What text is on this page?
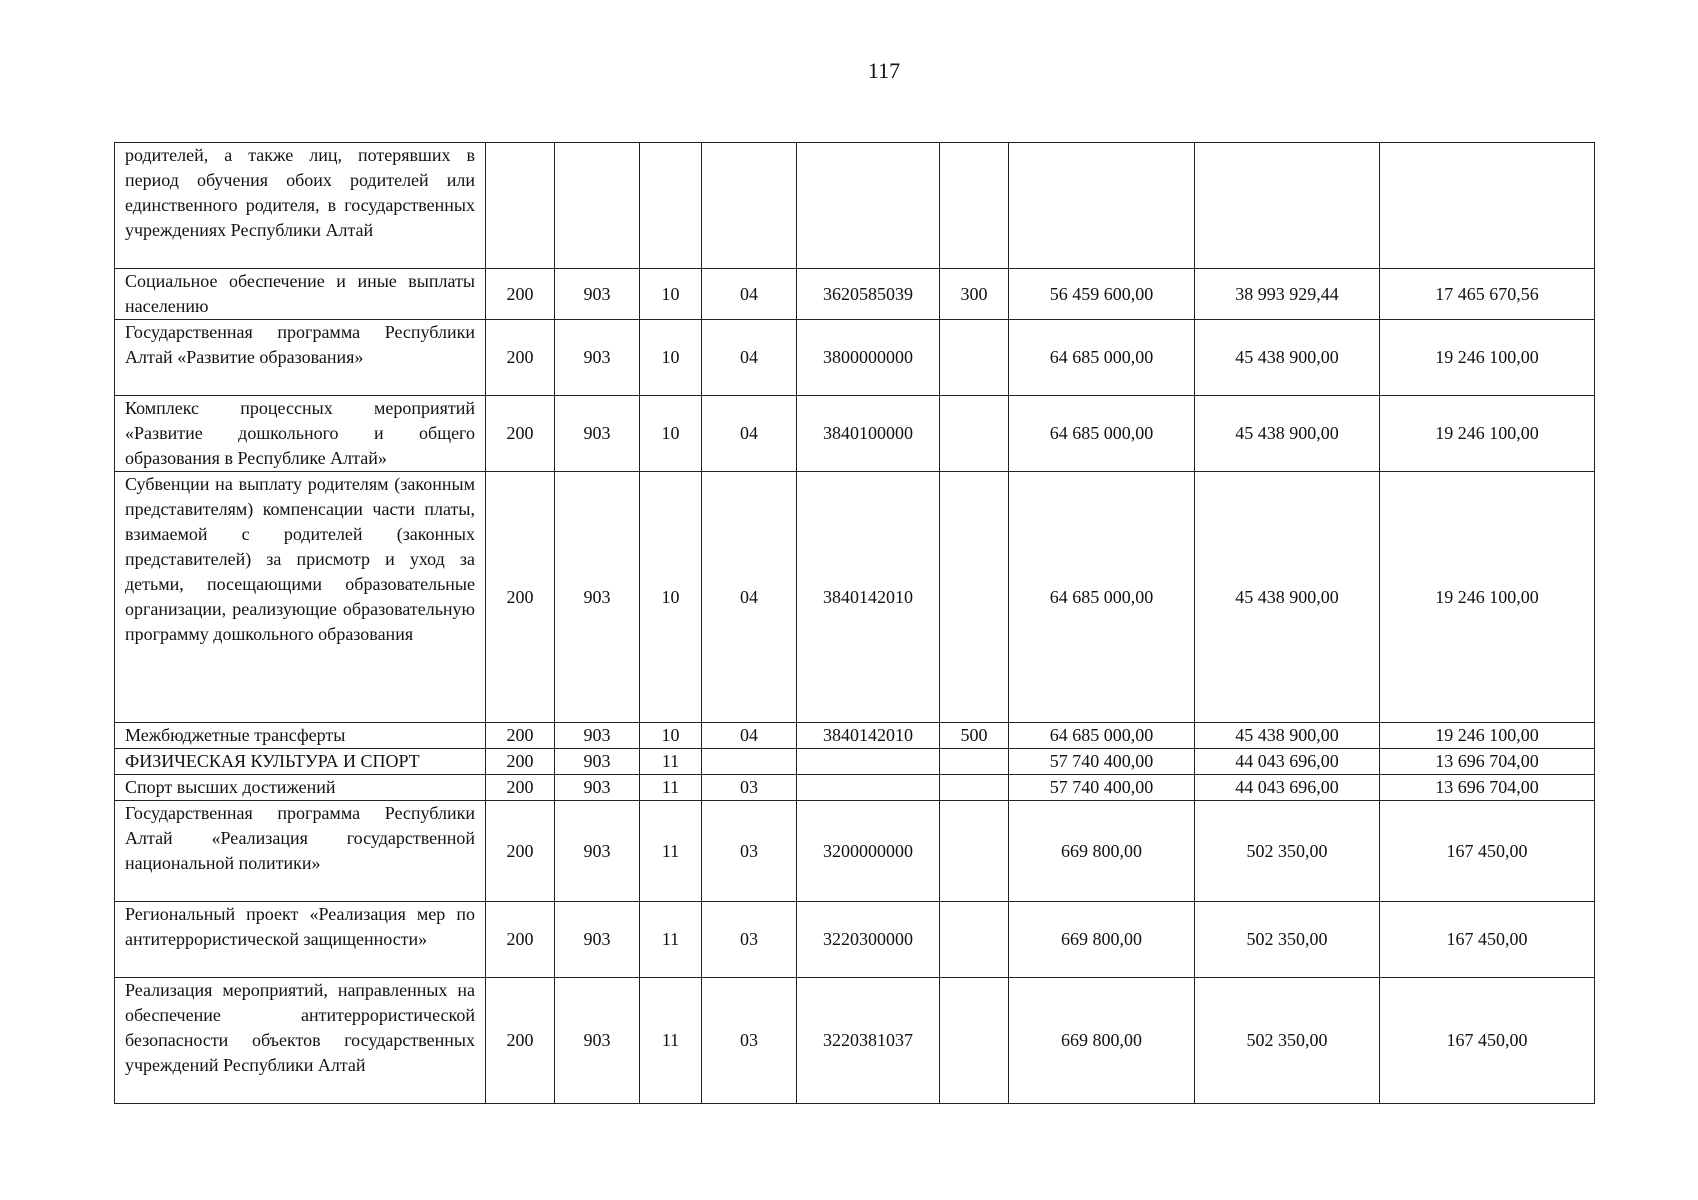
117
родителей, а также лиц, потерявших в период обучения обоих родителей или единственного родителя, в государственных учреждениях Республики Алтай									
Социальное обеспечение и иные выплаты населению	200	903	10	04	3620585039	300	56 459 600,00	38 993 929,44	17 465 670,56
Государственная программа Республики Алтай «Развитие образования»	200	903	10	04	3800000000		64 685 000,00	45 438 900,00	19 246 100,00
Комплекс процессных мероприятий «Развитие дошкольного и общего образования в Республике Алтай»	200	903	10	04	3840100000		64 685 000,00	45 438 900,00	19 246 100,00
Субвенции на выплату родителям (законным представителям) компенсации части платы, взимаемой с родителей (законных представителей) за присмотр и уход за детьми, посещающими образовательные организации, реализующие образовательную программу дошкольного образования	200	903	10	04	3840142010		64 685 000,00	45 438 900,00	19 246 100,00
Межбюджетные трансферты	200	903	10	04	3840142010	500	64 685 000,00	45 438 900,00	19 246 100,00
ФИЗИЧЕСКАЯ КУЛЬТУРА И СПОРТ	200	903	11				57 740 400,00	44 043 696,00	13 696 704,00
Спорт высших достижений	200	903	11	03			57 740 400,00	44 043 696,00	13 696 704,00
Государственная программа Республики Алтай «Реализация государственной национальной политики»	200	903	11	03	3200000000		669 800,00	502 350,00	167 450,00
Региональный проект «Реализация мер по антитеррористической защищенности»	200	903	11	03	3220300000		669 800,00	502 350,00	167 450,00
Реализация мероприятий, направленных на обеспечение антитеррористической безопасности объектов государственных учреждений Республики Алтай	200	903	11	03	3220381037		669 800,00	502 350,00	167 450,00
